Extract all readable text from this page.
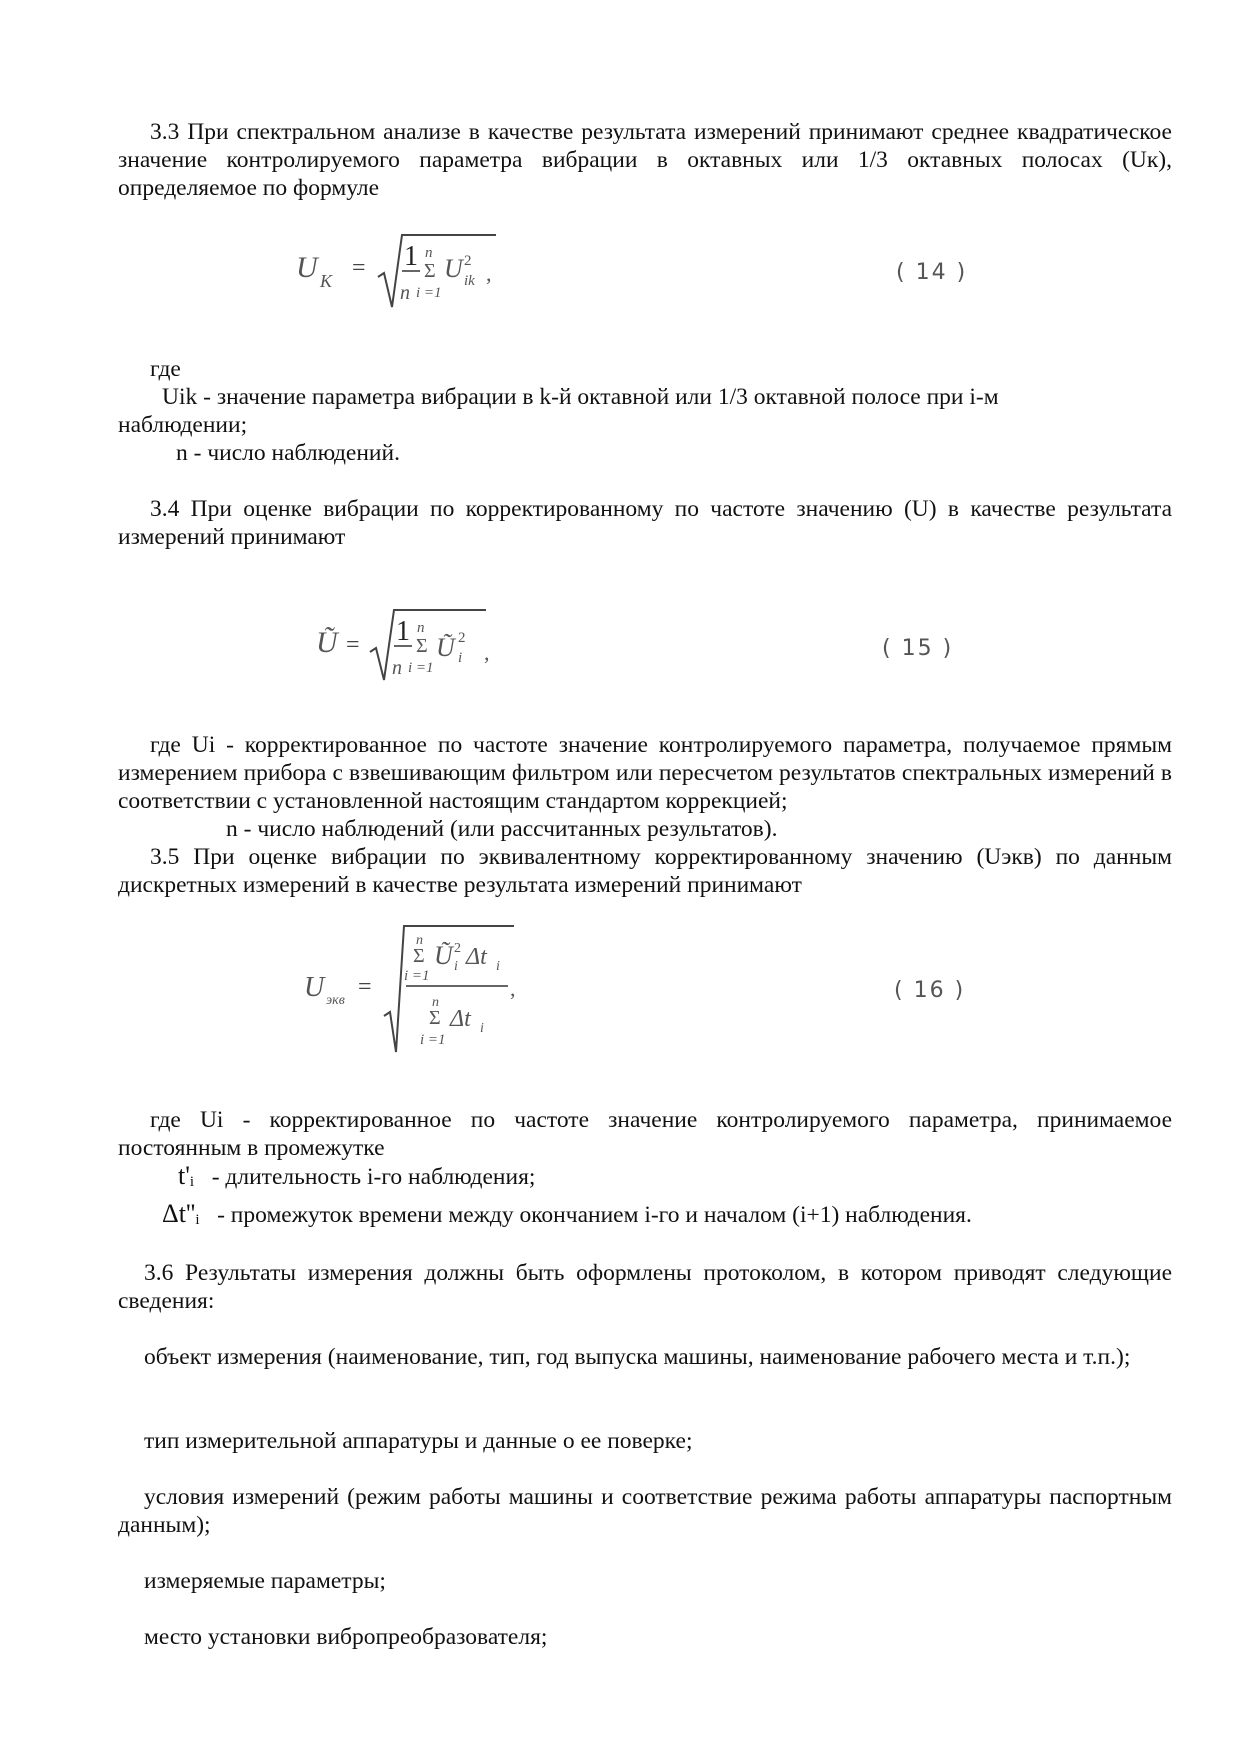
3.3 При спектральном анализе в качестве результата измерений принимают среднее квадратическое значение контролируемого параметра вибрации в октавных или 1/3 октавных полосах (Uк), определяемое по формуле

U K = 1
n
n
Σ
i =1
U 2
ik ,	( 14 )

где

Uik - значение параметра вибрации в k-й октавной или 1/3 октавной полосе при i-м

наблюдении;

n - число наблюдений.

3.4 При оценке вибрации по корректированному по частоте значению (U) в качестве результата измерений принимают

Ũ = 1
n
n
Σ
i =1
Ũ 2
i ,	( 15 )

где Ui - корректированное по частоте значение контролируемого параметра, получаемое прямым измерением прибора с взвешивающим фильтром или пересчетом результатов спектральных измерений в соответствии с установленной настоящим стандартом коррекцией;

n - число наблюдений (или рассчитанных результатов).

3.5 При оценке вибрации по эквивалентному корректированному значению (Uэкв) по данным дискретных измерений в качестве результата измерений принимают

U экв
=
n
Σ
i =1
Ũ 2
i Δt i
n
Σ
i =1
Δt i
,	( 16 )

где Ui - корректированное по частоте значение контролируемого параметра, принимаемое постоянным в промежутке

t'i - длительность i-го наблюдения;

Δt''i - промежуток времени между окончанием i-го и началом (i+1) наблюдения.

3.6 Результаты измерения должны быть оформлены протоколом, в котором приводят следующие сведения:

объект измерения (наименование, тип, год выпуска машины, наименование рабочего места и т.п.);

тип измерительной аппаратуры и данные о ее поверке;

условия измерений (режим работы машины и соответствие режима работы аппаратуры паспортным данным);

измеряемые параметры;

место установки вибропреобразователя;
